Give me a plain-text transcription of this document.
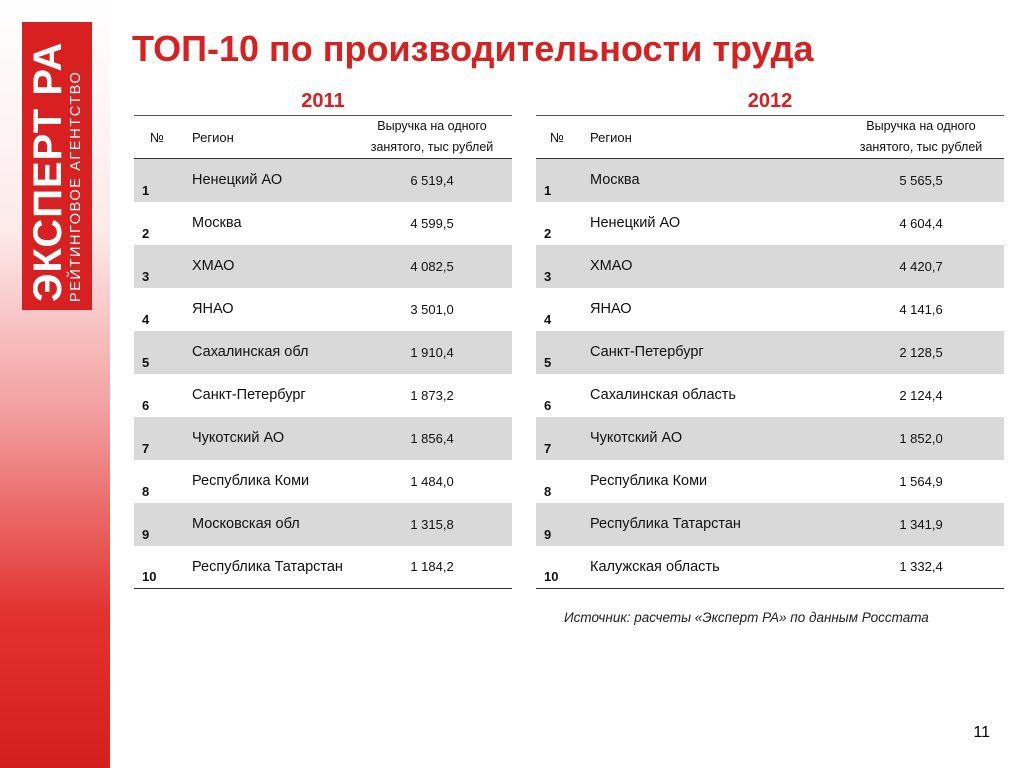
ЭКСПЕРТ РА
РЕЙТИНГОВОЕ АГЕНТСТВО
ТОП-10 по производительности труда
2011	2012
№	Регион	Выручка на одного
занятого, тыс рублей

1	Ненецкий АО	6 519,4
2	Москва	4 599,5
3	ХМАО	4 082,5
4	ЯНАО	3 501,0
5	Сахалинская обл	1 910,4
6	Санкт-Петербург	1 873,2
7	Чукотский АО	1 856,4
8	Республика Коми	1 484,0
9	Московская обл	1 315,8
10	Республика Татарстан	1 184,2
№	Регион	Выручка на одного
занятого, тыс рублей

1	Москва	5 565,5
2	Ненецкий АО	4 604,4
3	ХМАО	4 420,7
4	ЯНАО	4 141,6
5	Санкт-Петербург	2 128,5
6	Сахалинская область	2 124,4
7	Чукотский АО	1 852,0
8	Республика Коми	1 564,9
9	Республика Татарстан	1 341,9
10	Калужская область	1 332,4
Источник: расчеты «Эксперт РА» по данным Росстата
11
